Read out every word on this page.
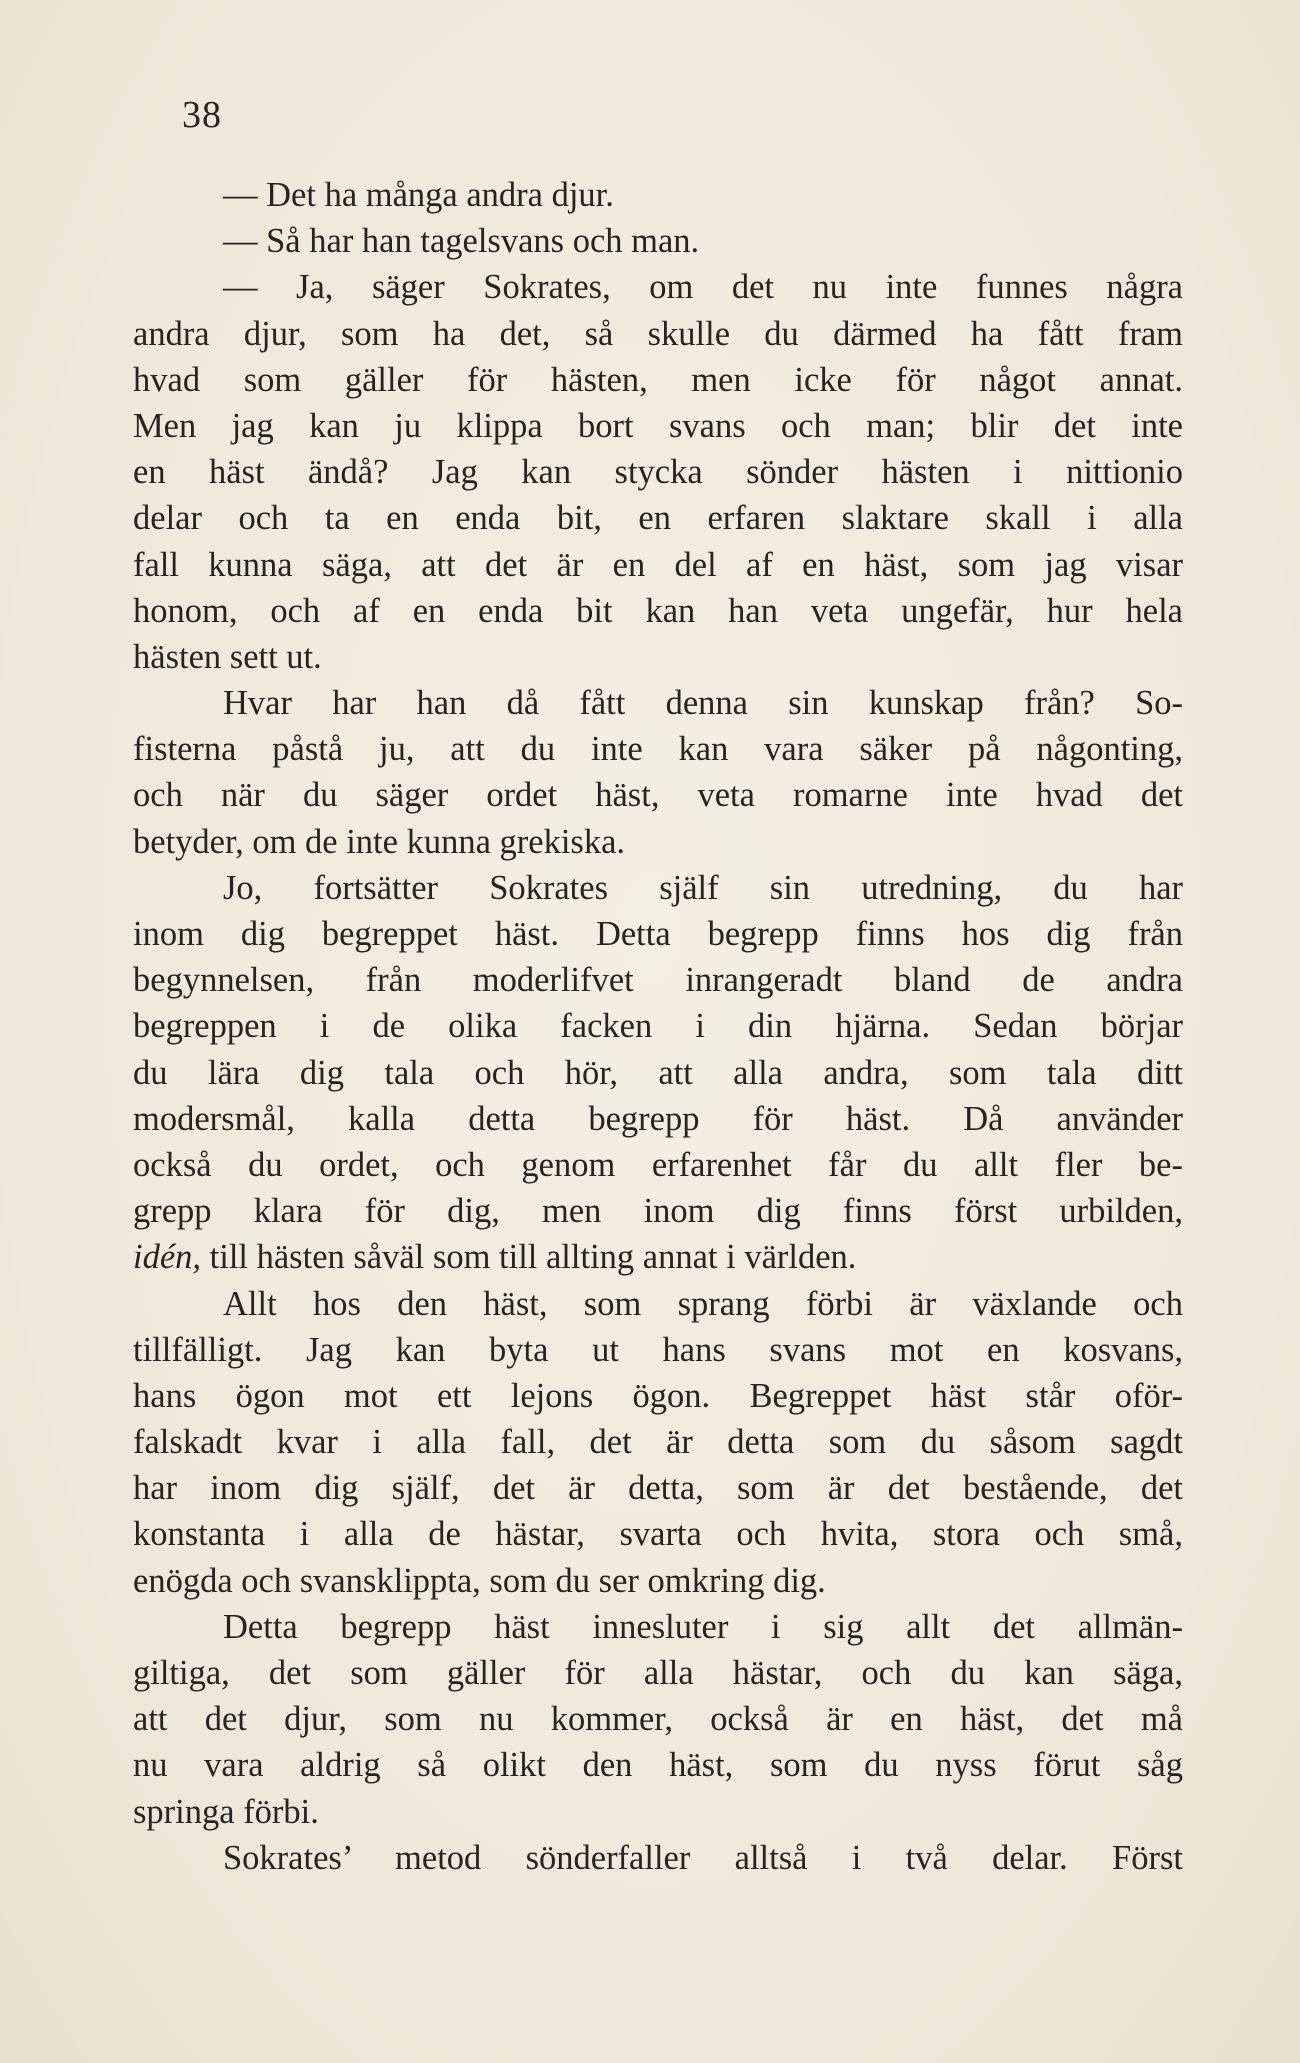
38
— Det ha många andra djur.
— Så har han tagelsvans och man.
— Ja, säger Sokrates, om det nu inte funnes några
andra djur, som ha det, så skulle du därmed ha fått fram
hvad som gäller för hästen, men icke för något annat.
Men jag kan ju klippa bort svans och man; blir det inte
en häst ändå? Jag kan stycka sönder hästen i nittionio
delar och ta en enda bit, en erfaren slaktare skall i alla
fall kunna säga, att det är en del af en häst, som jag visar
honom, och af en enda bit kan han veta ungefär, hur hela
hästen sett ut.
Hvar har han då fått denna sin kunskap från? So-
fisterna påstå ju, att du inte kan vara säker på någonting,
och när du säger ordet häst, veta romarne inte hvad det
betyder, om de inte kunna grekiska.
Jo, fortsätter Sokrates själf sin utredning, du har
inom dig begreppet häst. Detta begrepp finns hos dig från
begynnelsen, från moderlifvet inrangeradt bland de andra
begreppen i de olika facken i din hjärna. Sedan börjar
du lära dig tala och hör, att alla andra, som tala ditt
modersmål, kalla detta begrepp för häst. Då använder
också du ordet, och genom erfarenhet får du allt fler be-
grepp klara för dig, men inom dig finns först urbilden,
idén, till hästen såväl som till allting annat i världen.
Allt hos den häst, som sprang förbi är växlande och
tillfälligt. Jag kan byta ut hans svans mot en kosvans,
hans ögon mot ett lejons ögon. Begreppet häst står oför-
falskadt kvar i alla fall, det är detta som du såsom sagdt
har inom dig själf, det är detta, som är det bestående, det
konstanta i alla de hästar, svarta och hvita, stora och små,
enögda och svansklippta, som du ser omkring dig.
Detta begrepp häst innesluter i sig allt det allmän-
giltiga, det som gäller för alla hästar, och du kan säga,
att det djur, som nu kommer, också är en häst, det må
nu vara aldrig så olikt den häst, som du nyss förut såg
springa förbi.
Sokrates’ metod sönderfaller alltså i två delar. Först
